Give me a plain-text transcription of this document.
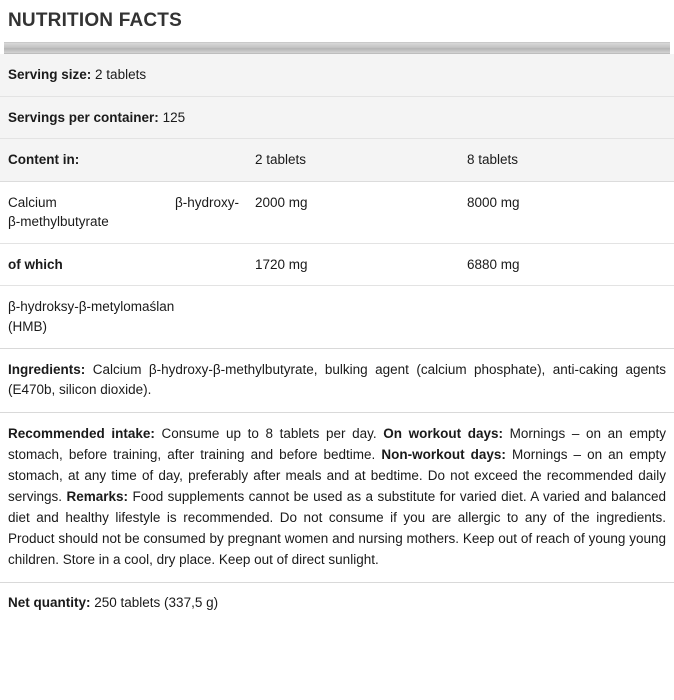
NUTRITION FACTS
Serving size: 2 tablets		
Servings per container: 125		
Content in:	2 tablets	8 tablets

Calcium β-hydroxy-
β-methylbutyrate	2000 mg	8000 mg
of which	1720 mg	6880 mg

β-hydroksy-β-metylomaślan
(HMB)		

Ingredients: Calcium β-hydroxy-β-methylbutyrate, bulking agent (calcium phosphate), anti-caking agents (E470b, silicon dioxide).
Recommended intake: Consume up to 8 tablets per day. On workout days: Mornings – on an empty stomach, before training, after training and before bedtime. Non-workout days: Mornings – on an empty stomach, at any time of day, preferably after meals and at bedtime. Do not exceed the recommended daily servings. Remarks: Food supplements cannot be used as a substitute for varied diet. A varied and balanced diet and healthy lifestyle is recommended. Do not consume if you are allergic to any of the ingredients. Product should not be consumed by pregnant women and nursing mothers. Keep out of reach of young young children. Store in a cool, dry place. Keep out of direct sunlight.
Net quantity: 250 tablets (337,5 g)
